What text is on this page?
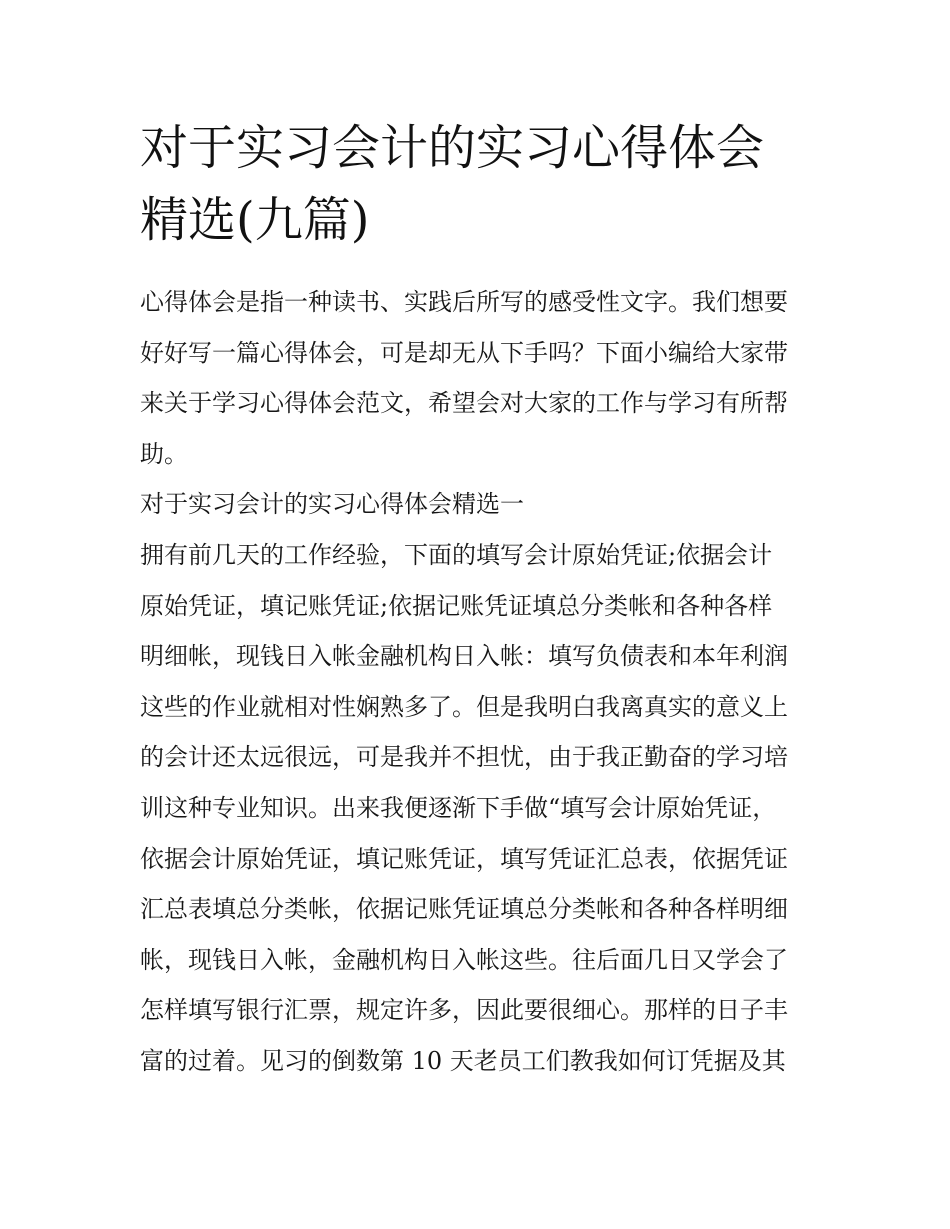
对于实习会计的实习心得体会
精选(九篇)
心得体会是指一种读书、实践后所写的感受性文字。我们想要
好好写一篇心得体会，可是却无从下手吗？下面小编给大家带
来关于学习心得体会范文，希望会对大家的工作与学习有所帮
助。
对于实习会计的实习心得体会精选一
拥有前几天的工作经验，下面的填写会计原始凭证;依据会计
原始凭证，填记账凭证;依据记账凭证填总分类帐和各种各样
明细帐，现钱日入帐金融机构日入帐：填写负债表和本年利润
这些的作业就相对性娴熟多了。但是我明白我离真实的意义上
的会计还太远很远，可是我并不担忧，由于我正勤奋的学习培
训这种专业知识。出来我便逐渐下手做“填写会计原始凭证，
依据会计原始凭证，填记账凭证，填写凭证汇总表，依据凭证
汇总表填总分类帐，依据记账凭证填总分类帐和各种各样明细
帐，现钱日入帐，金融机构日入帐这些。往后面几日又学会了
怎样填写银行汇票，规定许多，因此要很细心。那样的日子丰
富的过着。见习的倒数第 10 天老员工们教我如何订凭据及其
